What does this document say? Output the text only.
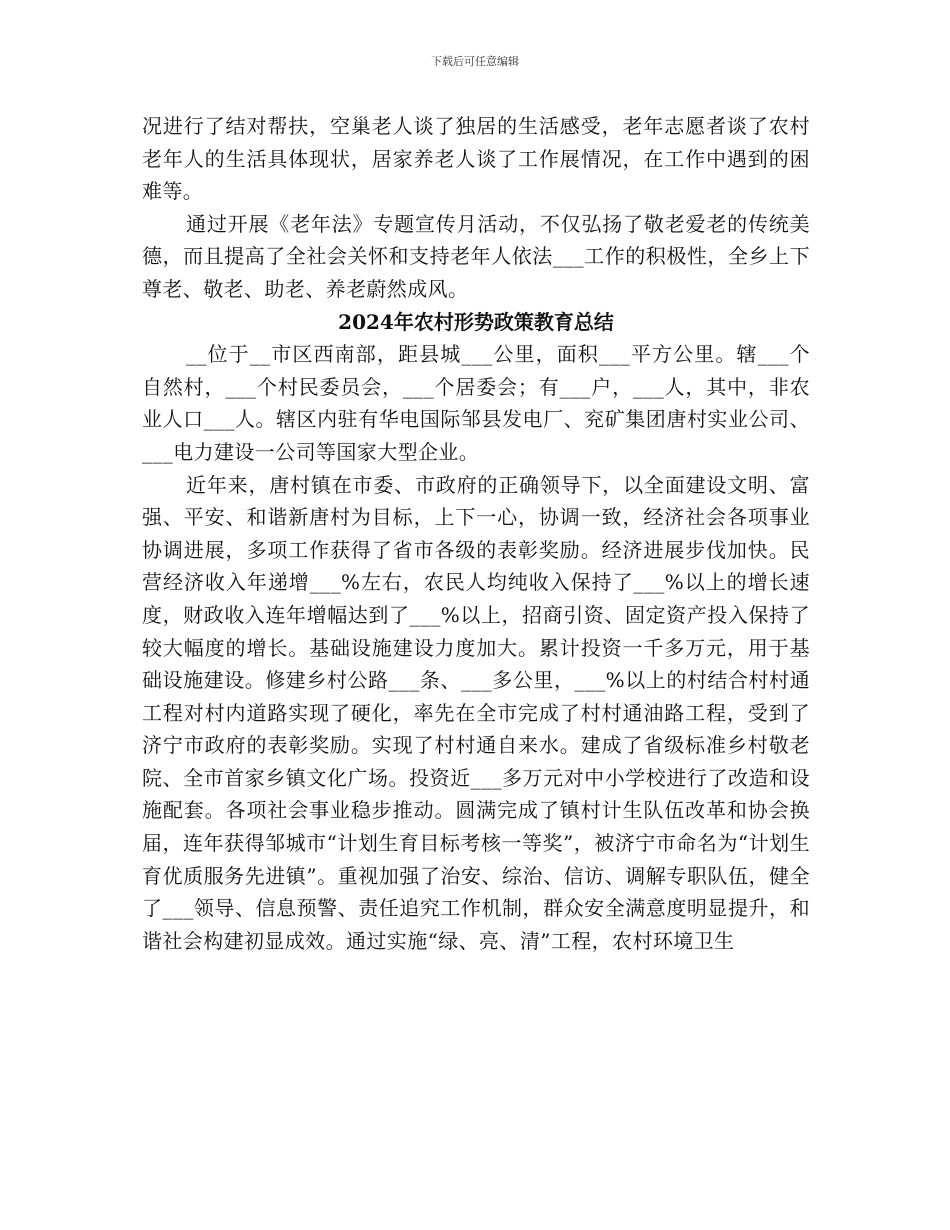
下载后可任意编辑

况进行了结对帮扶，空巢老人谈了独居的生活感受，老年志愿者谈了农村老年人的生活具体现状，居家养老人谈了工作展情况，在工作中遇到的困难等。

通过开展《老年法》专题宣传月活动，不仅弘扬了敬老爱老的传统美德，而且提高了全社会关怀和支持老年人依法___工作的积极性，全乡上下尊老、敬老、助老、养老蔚然成风。

2024年农村形势政策教育总结

__位于__市区西南部，距县城___公里，面积___平方公里。辖___个自然村，___个村民委员会，___个居委会；有___户，___人，其中，非农业人口___人。辖区内驻有华电国际邹县发电厂、兖矿集团唐村实业公司、___电力建设一公司等国家大型企业。

近年来，唐村镇在市委、市政府的正确领导下，以全面建设文明、富强、平安、和谐新唐村为目标，上下一心，协调一致，经济社会各项事业协调进展，多项工作获得了省市各级的表彰奖励。经济进展步伐加快。民营经济收入年递增___%左右，农民人均纯收入保持了___%以上的增长速度，财政收入连年增幅达到了___%以上，招商引资、固定资产投入保持了较大幅度的增长。基础设施建设力度加大。累计投资一千多万元，用于基础设施建设。修建乡村公路___条、___多公里，___%以上的村结合村村通工程对村内道路实现了硬化，率先在全市完成了村村通油路工程，受到了济宁市政府的表彰奖励。实现了村村通自来水。建成了省级标准乡村敬老院、全市首家乡镇文化广场。投资近___多万元对中小学校进行了改造和设施配套。各项社会事业稳步推动。圆满完成了镇村计生队伍改革和协会换届，连年获得邹城市“计划生育目标考核一等奖”，被济宁市命名为“计划生育优质服务先进镇”。重视加强了治安、综治、信访、调解专职队伍，健全了___领导、信息预警、责任追究工作机制，群众安全满意度明显提升，和谐社会构建初显成效。通过实施“绿、亮、清”工程，农村环境卫生
